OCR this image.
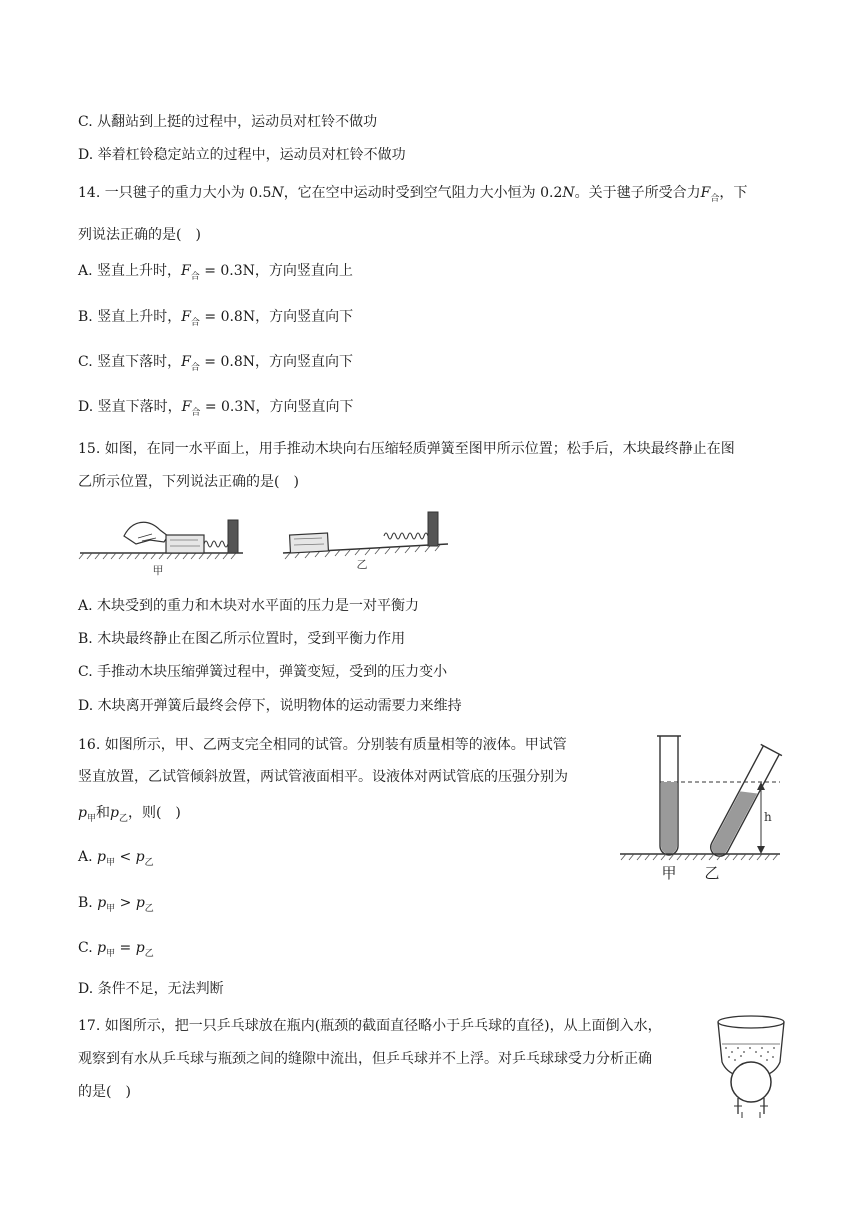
C. 从翻站到上挺的过程中，运动员对杠铃不做功
D. 举着杠铃稳定站立的过程中，运动员对杠铃不做功
14. 一只毽子的重力大小为 0.5N，它在空中运动时受到空气阻力大小恒为 0.2N。关于毽子所受合力$F_合$，下
列说法正确的是(　)
A. 竖直上升时，$F_合 = 0.3N$，方向竖直向上
B. 竖直上升时，$F_合 = 0.8N$，方向竖直向下
C. 竖直下落时，$F_合 = 0.8N$，方向竖直向下
D. 竖直下落时，$F_合 = 0.3N$，方向竖直向下
15. 如图，在同一水平面上，用手推动木块向右压缩轻质弹簧至图甲所示位置；松手后，木块最终静止在图
乙所示位置，下列说法正确的是(　)
甲	乙
A. 木块受到的重力和木块对水平面的压力是一对平衡力
B. 木块最终静止在图乙所示位置时，受到平衡力作用
C. 手推动木块压缩弹簧过程中，弹簧变短，受到的压力变小
D. 木块离开弹簧后最终会停下，说明物体的运动需要力来维持
16. 如图所示，甲、乙两支完全相同的试管。分别装有质量相等的液体。甲试管
竖直放置，乙试管倾斜放置，两试管液面相平。设液体对两试管底的压强分别为
$p_甲$和$p_乙$，则(　)
A. $p_甲 < p_乙$
B. $p_甲 > p_乙$
C. $p_甲 = p_乙$
D. 条件不足，无法判断
h
甲 乙
17. 如图所示，把一只乒乓球放在瓶内(瓶颈的截面直径略小于乒乓球的直径)，从上面倒入水，
观察到有水从乒乓球与瓶颈之间的缝隙中流出，但乒乓球并不上浮。对乒乓球球受力分析正确
的是(　)
